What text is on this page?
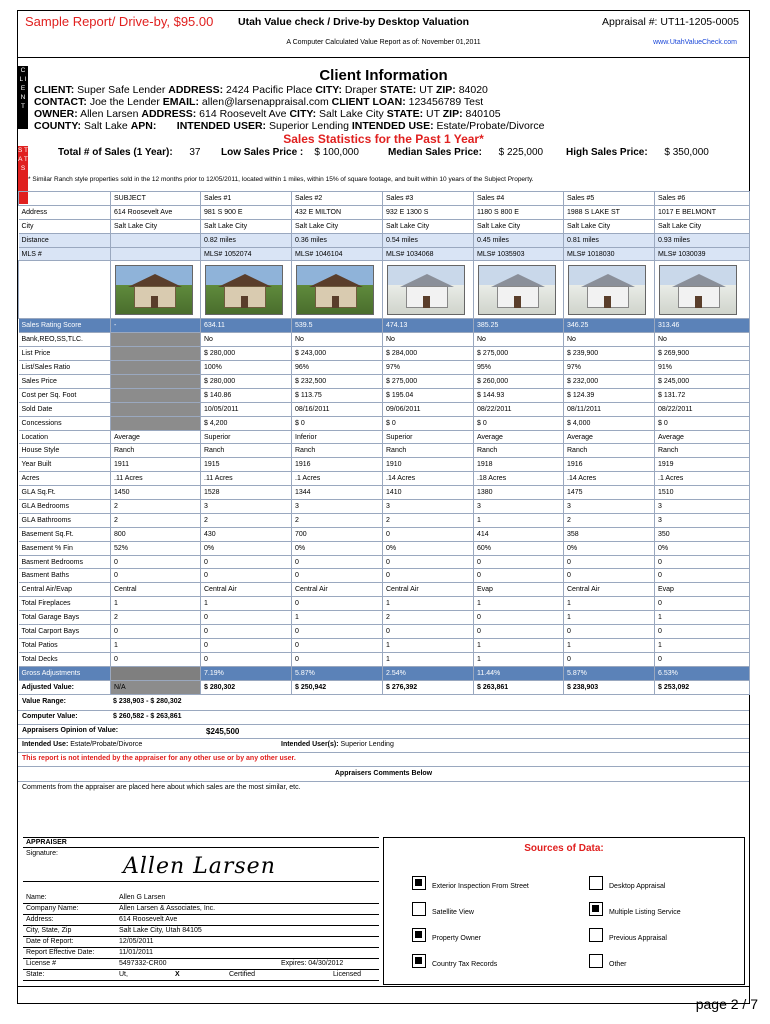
Sample Report/ Drive-by, $95.00 Utah Value check / Drive-by Desktop Valuation	Appraisal #: UT11-1205-0005
A Computer Calculated Value Report as of: November 01,2011	www.UtahValueCheck.com
C L I E N T
S T A T S
Client Information
CLIENT: Super Safe Lender ADDRESS: 2424 Pacific Place CITY: Draper STATE: UT ZIP: 84020
CONTACT: Joe the Lender EMAIL: allen@larsenappraisal.com CLIENT LOAN: 123456789 Test
OWNER: Allen Larsen ADDRESS: 614 Roosevelt Ave CITY: Salt Lake City STATE: UT ZIP: 840105
COUNTY: Salt Lake APN: INTENDED USER: Superior Lending INTENDED USE: Estate/Probate/Divorce
Sales Statistics for the Past 1 Year*
Total # of Sales (1 Year): 37 Low Sales Price : $ 100,000	Median Sales Price: $ 225,000 High Sales Price: $ 350,000
* Similar Ranch style properties sold in the 12 months prior to 12/05/2011, located within 1 miles, within 15% of square footage, and built within 10 years of the Subject Property.
	SUBJECT	Sales #1	Sales #2	Sales #3	Sales #4	Sales #5	Sales #6
Address	614 Roosevelt Ave	981 S 900 E	432 E MILTON	932 E 1300 S	1180 S 800 E	1988 S LAKE ST	1017 E BELMONT
City	Salt Lake City	Salt Lake City	Salt Lake City	Salt Lake City	Salt Lake City	Salt Lake City	Salt Lake City
Distance		0.82 miles	0.36 miles	0.54 miles	0.45 miles	0.81 miles	0.93 miles
MLS #		MLS# 1052074	MLS# 1046104	MLS# 1034068	MLS# 1035903	MLS# 1018030	MLS# 1030039

Sales Rating Score	-	634.11	539.5	474.13	385.25	346.25	313.46
Bank,REO,SS,TLC.		No	No	No	No	No	No
List Price		$ 280,000	$ 243,000	$ 284,000	$ 275,000	$ 239,900	$ 269,900
List/Sales Ratio		100%	96%	97%	95%	97%	91%
Sales Price		$ 280,000	$ 232,500	$ 275,000	$ 260,000	$ 232,000	$ 245,000
Cost per Sq. Foot		$ 140.86	$ 113.75	$ 195.04	$ 144.93	$ 124.39	$ 131.72
Sold Date		10/05/2011	08/16/2011	09/06/2011	08/22/2011	08/11/2011	08/22/2011
Concessions		$ 4,200	$ 0	$ 0	$ 0	$ 4,000	$ 0
Location	Average	Superior	Inferior	Superior	Average	Average	Average
House Style	Ranch	Ranch	Ranch	Ranch	Ranch	Ranch	Ranch
Year Built	1911	1915	1916	1910	1918	1916	1919
Acres	.11 Acres	.11 Acres	.1 Acres	.14 Acres	.18 Acres	.14 Acres	.1 Acres
GLA Sq.Ft.	1450	1528	1344	1410	1380	1475	1510
GLA Bedrooms	2	3	3	3	3	3	3
GLA Bathrooms	2	2	2	2	1	2	3
Basement Sq.Ft.	800	430	700	0	414	358	350
Basement % Fin	52%	0%	0%	0%	60%	0%	0%
Basment Bedrooms	0	0	0	0	0	0	0
Basment Baths	0	0	0	0	0	0	0
Central Air/Evap	Central	Central Air	Central Air	Central Air	Evap	Central Air	Evap
Total Fireplaces	1	1	0	1	1	1	0
Total Garage Bays	2	0	1	2	0	1	1
Total Carport Bays	0	0	0	0	0	0	0
Total Patios	1	0	0	1	1	1	1
Total Decks	0	0	0	1	1	0	0
Gross Adjustments		7.19%	5.87%	2.54%	11.44%	5.87%	6.53%
Adjusted Value:	N/A	$ 280,302	$ 250,942	$ 276,392	$ 263,861	$ 238,903	$ 253,092
Value Range:	$ 238,903 - $ 280,302
Computer Value:	$ 260,582 - $ 263,861
Appraisers Opinion of Value:	$245,500
Intended Use: Estate/Probate/Divorce	Intended User(s): Superior Lending
This report is not intended by the appraiser for any other use or by any other user.
Appraisers Comments Below
Comments from the appraiser are placed here about which sales are the most similar, etc.
APPRAISER
Signature:
Allen Larsen
Name:	Allen G Larsen
Company Name:	Allen Larsen & Associates, Inc.
Address:	614 Roosevelt Ave
City, State, Zip	Salt Lake City, Utah 84105
Date of Report:	12/05/2011
Report Effective Date:	11/01/2011
License #	5497332-CR00	Expires: 04/30/2012
State:	Ut,	X	Certified	Licensed
Sources of Data:
Exterior Inspection From Street	Desktop Appraisal
Satellite View	Multiple Listing Service
Property Owner	Previous Appraisal
Country Tax Records	Other
page 2 / 7
